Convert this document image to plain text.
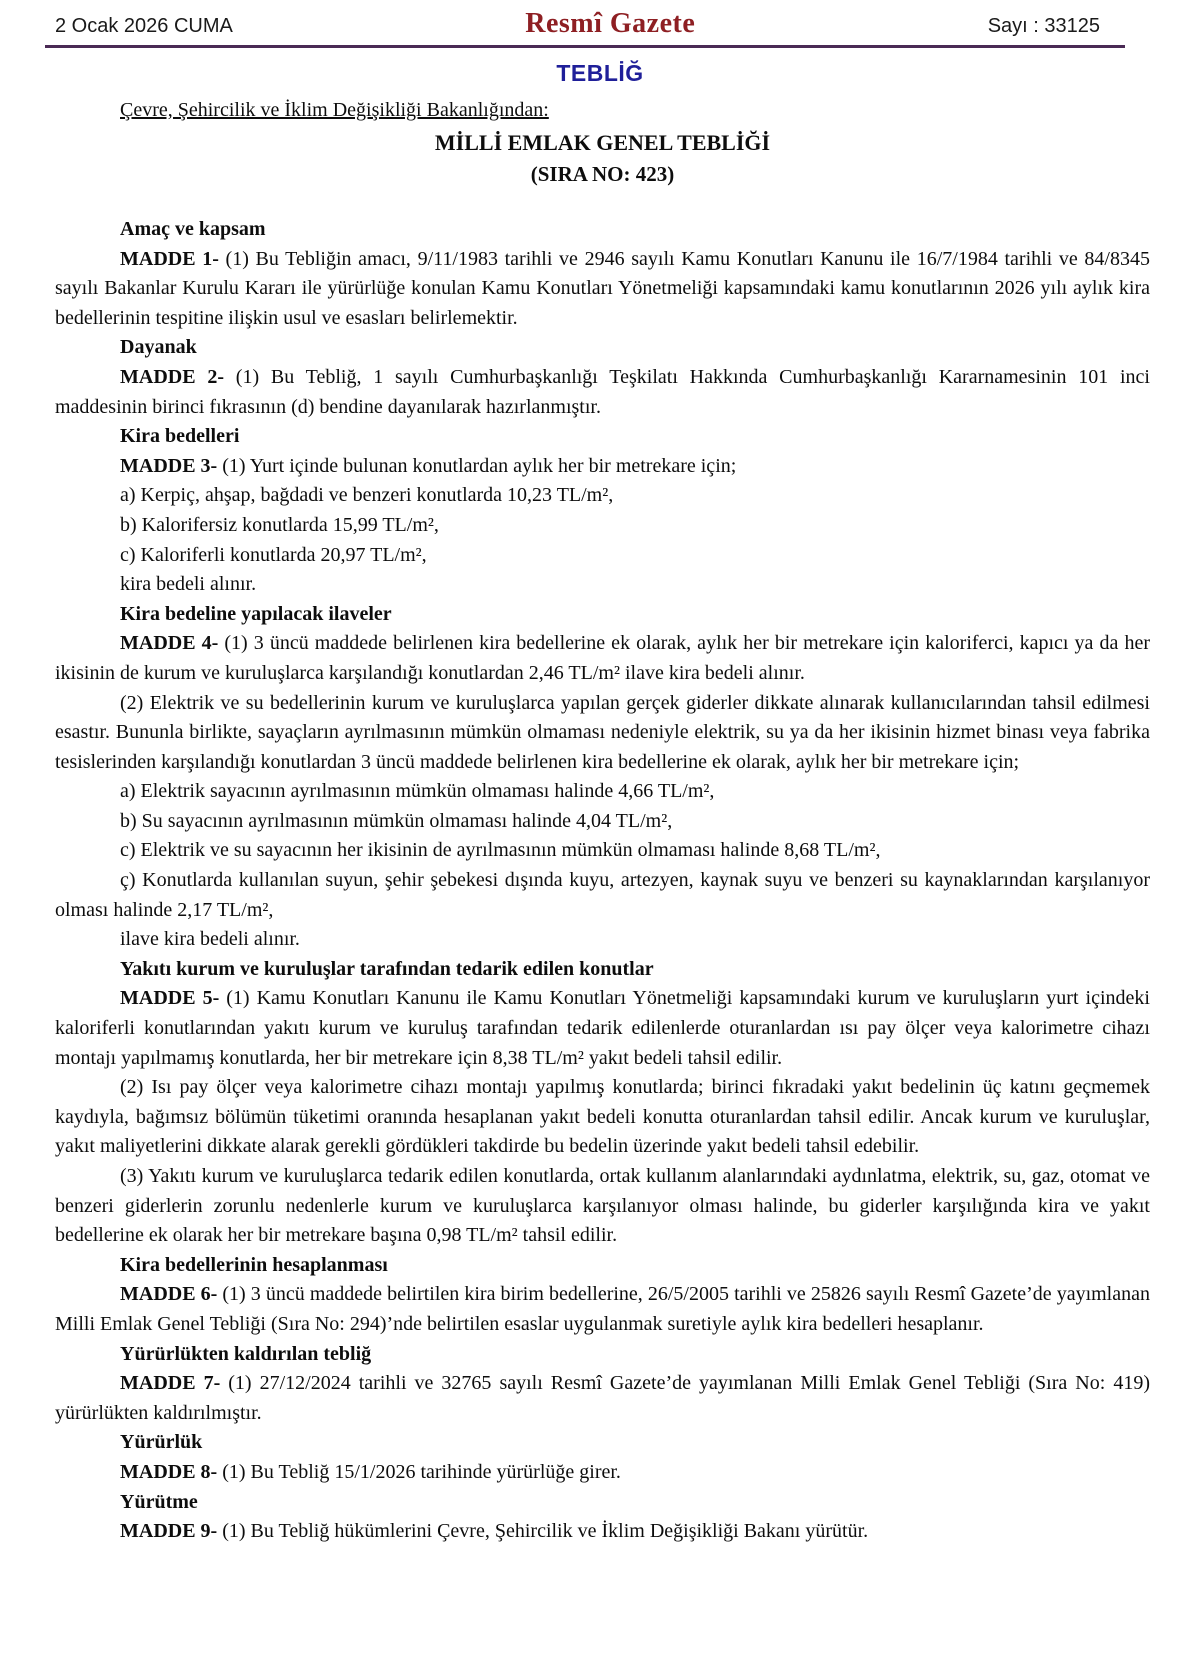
2 Ocak 2026 CUMA	Resmî Gazete	Sayı : 33125
TEBLİĞ
Çevre, Şehircilik ve İklim Değişikliği Bakanlığından:
MİLLİ EMLAK GENEL TEBLİĞİ
(SIRA NO: 423)

Amaç ve kapsam

MADDE 1- (1) Bu Tebliğin amacı, 9/11/1983 tarihli ve 2946 sayılı Kamu Konutları Kanunu ile 16/7/1984 tarihli ve 84/8345 sayılı Bakanlar Kurulu Kararı ile yürürlüğe konulan Kamu Konutları Yönetmeliği kapsamındaki kamu konutlarının 2026 yılı aylık kira bedellerinin tespitine ilişkin usul ve esasları belirlemektir.

Dayanak

MADDE 2- (1) Bu Tebliğ, 1 sayılı Cumhurbaşkanlığı Teşkilatı Hakkında Cumhurbaşkanlığı Kararnamesinin 101 inci maddesinin birinci fıkrasının (d) bendine dayanılarak hazırlanmıştır.

Kira bedelleri

MADDE 3- (1) Yurt içinde bulunan konutlardan aylık her bir metrekare için;

a) Kerpiç, ahşap, bağdadi ve benzeri konutlarda 10,23 TL/m²,

b) Kalorifersiz konutlarda 15,99 TL/m²,

c) Kaloriferli konutlarda 20,97 TL/m²,

kira bedeli alınır.

Kira bedeline yapılacak ilaveler

MADDE 4- (1) 3 üncü maddede belirlenen kira bedellerine ek olarak, aylık her bir metrekare için kaloriferci, kapıcı ya da her ikisinin de kurum ve kuruluşlarca karşılandığı konutlardan 2,46 TL/m² ilave kira bedeli alınır.

(2) Elektrik ve su bedellerinin kurum ve kuruluşlarca yapılan gerçek giderler dikkate alınarak kullanıcılarından tahsil edilmesi esastır. Bununla birlikte, sayaçların ayrılmasının mümkün olmaması nedeniyle elektrik, su ya da her ikisinin hizmet binası veya fabrika tesislerinden karşılandığı konutlardan 3 üncü maddede belirlenen kira bedellerine ek olarak, aylık her bir metrekare için;

a) Elektrik sayacının ayrılmasının mümkün olmaması halinde 4,66 TL/m²,

b) Su sayacının ayrılmasının mümkün olmaması halinde 4,04 TL/m²,

c) Elektrik ve su sayacının her ikisinin de ayrılmasının mümkün olmaması halinde 8,68 TL/m²,

ç) Konutlarda kullanılan suyun, şehir şebekesi dışında kuyu, artezyen, kaynak suyu ve benzeri su kaynaklarından karşılanıyor olması halinde 2,17 TL/m²,

ilave kira bedeli alınır.

Yakıtı kurum ve kuruluşlar tarafından tedarik edilen konutlar

MADDE 5- (1) Kamu Konutları Kanunu ile Kamu Konutları Yönetmeliği kapsamındaki kurum ve kuruluşların yurt içindeki kaloriferli konutlarından yakıtı kurum ve kuruluş tarafından tedarik edilenlerde oturanlardan ısı pay ölçer veya kalorimetre cihazı montajı yapılmamış konutlarda, her bir metrekare için 8,38 TL/m² yakıt bedeli tahsil edilir.

(2) Isı pay ölçer veya kalorimetre cihazı montajı yapılmış konutlarda; birinci fıkradaki yakıt bedelinin üç katını geçmemek kaydıyla, bağımsız bölümün tüketimi oranında hesaplanan yakıt bedeli konutta oturanlardan tahsil edilir. Ancak kurum ve kuruluşlar, yakıt maliyetlerini dikkate alarak gerekli gördükleri takdirde bu bedelin üzerinde yakıt bedeli tahsil edebilir.

(3) Yakıtı kurum ve kuruluşlarca tedarik edilen konutlarda, ortak kullanım alanlarındaki aydınlatma, elektrik, su, gaz, otomat ve benzeri giderlerin zorunlu nedenlerle kurum ve kuruluşlarca karşılanıyor olması halinde, bu giderler karşılığında kira ve yakıt bedellerine ek olarak her bir metrekare başına 0,98 TL/m² tahsil edilir.

Kira bedellerinin hesaplanması

MADDE 6- (1) 3 üncü maddede belirtilen kira birim bedellerine, 26/5/2005 tarihli ve 25826 sayılı Resmî Gazete’de yayımlanan Milli Emlak Genel Tebliği (Sıra No: 294)’nde belirtilen esaslar uygulanmak suretiyle aylık kira bedelleri hesaplanır.

Yürürlükten kaldırılan tebliğ

MADDE 7- (1) 27/12/2024 tarihli ve 32765 sayılı Resmî Gazete’de yayımlanan Milli Emlak Genel Tebliği (Sıra No: 419) yürürlükten kaldırılmıştır.

Yürürlük

MADDE 8- (1) Bu Tebliğ 15/1/2026 tarihinde yürürlüğe girer.

Yürütme

MADDE 9- (1) Bu Tebliğ hükümlerini Çevre, Şehircilik ve İklim Değişikliği Bakanı yürütür.
